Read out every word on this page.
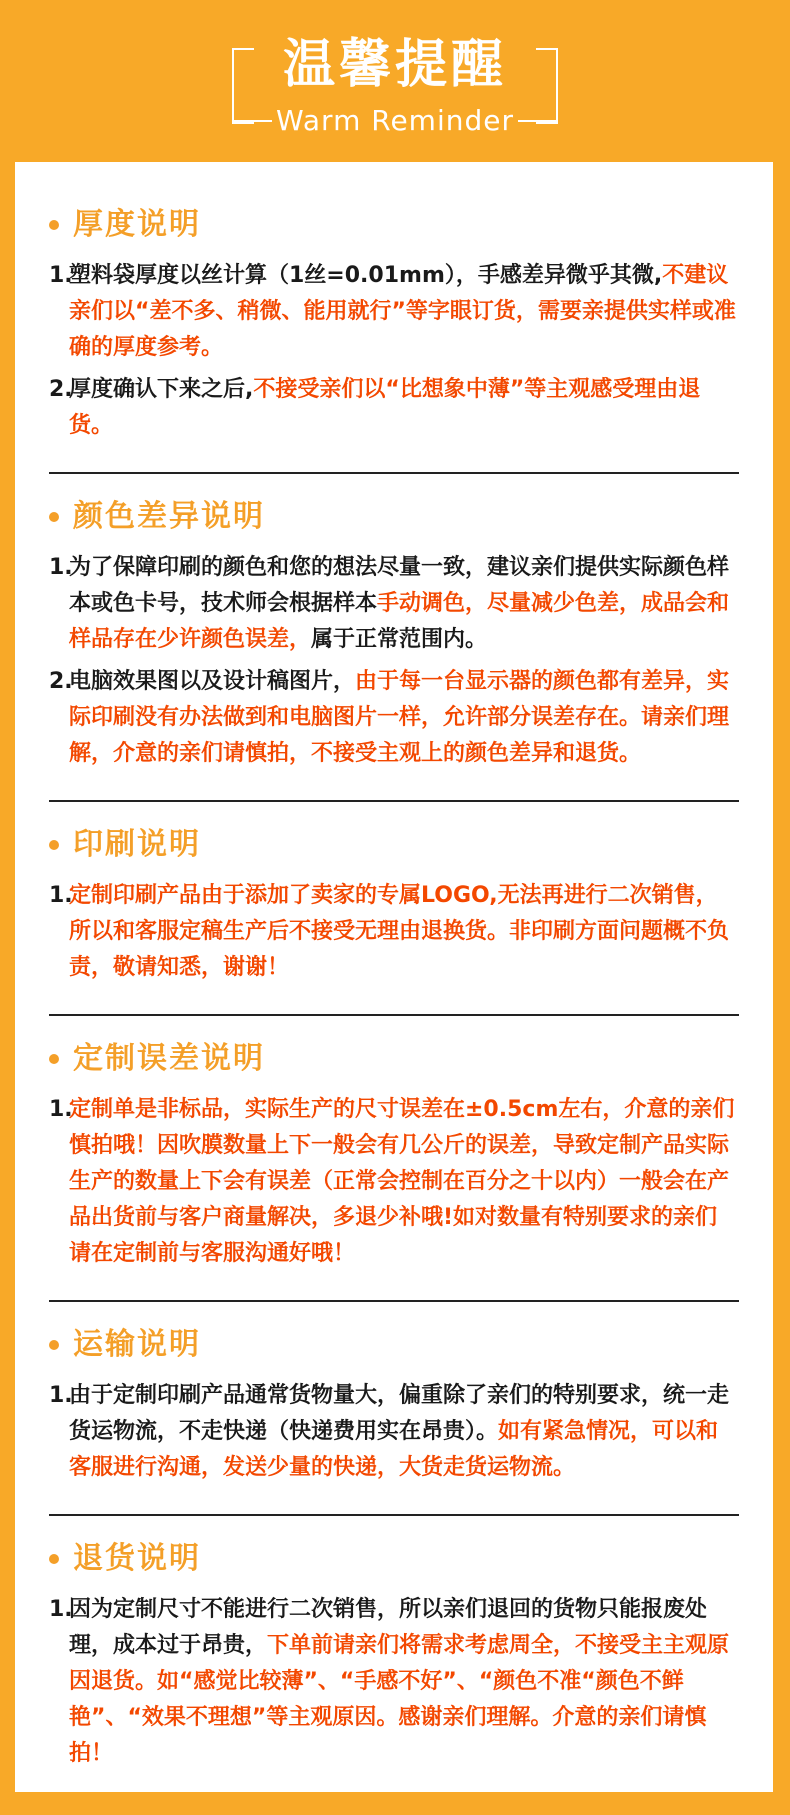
温馨提醒
Warm Reminder
厚度说明
1.
塑料袋厚度以丝计算（1丝=0.01mm），手感差异微乎其微,不建议亲们以“差不多、稍微、能用就行”等字眼订货，需要亲提供实样或准确的厚度参考。
2.
厚度确认下来之后,不接受亲们以“比想象中薄”等主观感受理由退货。
颜色差异说明
1.
为了保障印刷的颜色和您的想法尽量一致，建议亲们提供实际颜色样本或色卡号，技术师会根据样本手动调色，尽量减少色差，成品会和样品存在少许颜色误差，属于正常范围内。
2.
电脑效果图以及设计稿图片，由于每一台显示器的颜色都有差异，实际印刷没有办法做到和电脑图片一样，允许部分误差存在。请亲们理解，介意的亲们请慎拍，不接受主观上的颜色差异和退货。
印刷说明
1.
定制印刷产品由于添加了卖家的专属LOGO,无法再进行二次销售，所以和客服定稿生产后不接受无理由退换货。非印刷方面问题概不负责，敬请知悉，谢谢！
定制误差说明
1.
定制单是非标品，实际生产的尺寸误差在±0.5cm左右，介意的亲们慎拍哦！因吹膜数量上下一般会有几公斤的误差，导致定制产品实际生产的数量上下会有误差（正常会控制在百分之十以内）一般会在产品出货前与客户商量解决，多退少补哦!如对数量有特别要求的亲们请在定制前与客服沟通好哦！
运输说明
1.
由于定制印刷产品通常货物量大，偏重除了亲们的特别要求，统一走货运物流，不走快递（快递费用实在昂贵）。如有紧急情况，可以和客服进行沟通，发送少量的快递，大货走货运物流。
退货说明
1.
因为定制尺寸不能进行二次销售，所以亲们退回的货物只能报废处理，成本过于昂贵，下单前请亲们将需求考虑周全，不接受主主观原因退货。如“感觉比较薄”、“手感不好”、“颜色不准“颜色不鲜艳”、“效果不理想”等主观原因。感谢亲们理解。介意的亲们请慎拍！
